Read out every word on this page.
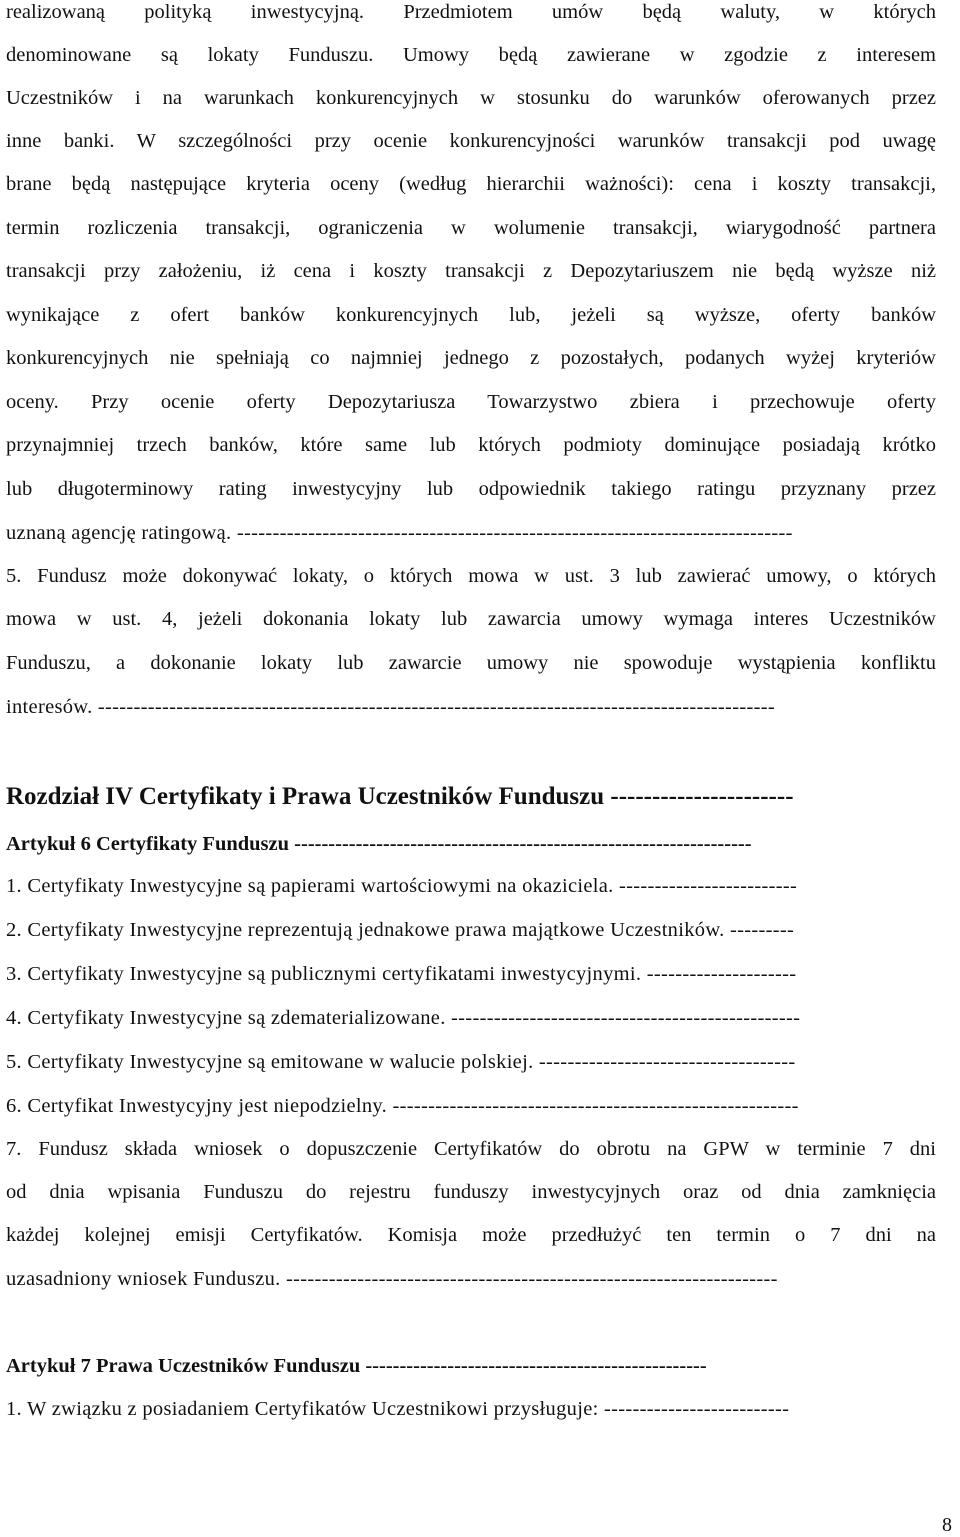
realizowaną polityką inwestycyjną. Przedmiotem umów będą waluty, w których
denominowane są lokaty Funduszu. Umowy będą zawierane w zgodzie z interesem
Uczestników i na warunkach konkurencyjnych w stosunku do warunków oferowanych przez
inne banki. W szczególności przy ocenie konkurencyjności warunków transakcji pod uwagę
brane będą następujące kryteria oceny (według hierarchii ważności): cena i koszty transakcji,
termin rozliczenia transakcji, ograniczenia w wolumenie transakcji, wiarygodność partnera
transakcji przy założeniu, iż cena i koszty transakcji z Depozytariuszem nie będą wyższe niż
wynikające z ofert banków konkurencyjnych lub, jeżeli są wyższe, oferty banków
konkurencyjnych nie spełniają co najmniej jednego z pozostałych, podanych wyżej kryteriów
oceny. Przy ocenie oferty Depozytariusza Towarzystwo zbiera i przechowuje oferty
przynajmniej trzech banków, które same lub których podmioty dominujące posiadają krótko
lub długoterminowy rating inwestycyjny lub odpowiednik takiego ratingu przyznany przez
uznaną agencję ratingową. ------------------------------------------------------------------------------
5. Fundusz może dokonywać lokaty, o których mowa w ust. 3 lub zawierać umowy, o których
mowa w ust. 4, jeżeli dokonania lokaty lub zawarcia umowy wymaga interes Uczestników
Funduszu, a dokonanie lokaty lub zawarcie umowy nie spowoduje wystąpienia konfliktu
interesów. -----------------------------------------------------------------------------------------------
Rozdział IV Certyfikaty i Prawa Uczestników Funduszu ----------------------
Artykuł 6 Certyfikaty Funduszu -------------------------------------------------------------------
1. Certyfikaty Inwestycyjne są papierami wartościowymi na okaziciela. -------------------------
2. Certyfikaty Inwestycyjne reprezentują jednakowe prawa majątkowe Uczestników. ---------
3. Certyfikaty Inwestycyjne są publicznymi certyfikatami inwestycyjnymi. ---------------------
4. Certyfikaty Inwestycyjne są zdematerializowane. -------------------------------------------------
5. Certyfikaty Inwestycyjne są emitowane w walucie polskiej. ------------------------------------
6. Certyfikat Inwestycyjny jest niepodzielny. ---------------------------------------------------------
7. Fundusz składa wniosek o dopuszczenie Certyfikatów do obrotu na GPW w terminie 7 dni
od dnia wpisania Funduszu do rejestru funduszy inwestycyjnych oraz od dnia zamknięcia
każdej kolejnej emisji Certyfikatów. Komisja może przedłużyć ten termin o 7 dni na
uzasadniony wniosek Funduszu. ---------------------------------------------------------------------
Artykuł 7 Prawa Uczestników Funduszu --------------------------------------------------
1. W związku z posiadaniem Certyfikatów Uczestnikowi przysługuje: --------------------------
8
